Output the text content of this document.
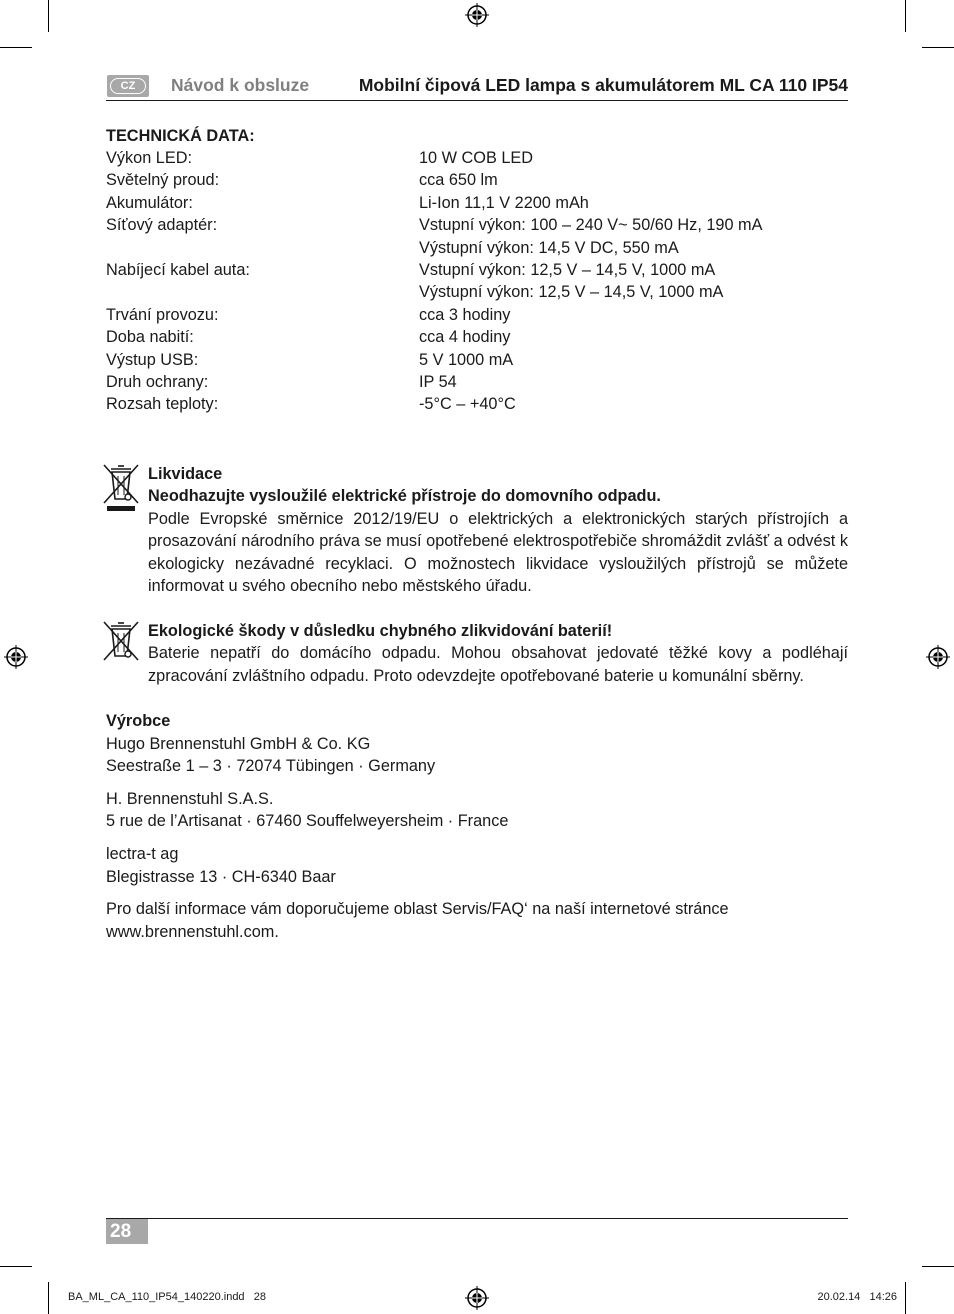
CZ	Návod k obsluze	Mobilní čipová LED lampa s akumulátorem ML CA 110 IP54
TECHNICKÁ DATA:
Výkon LED:	10 W COB LED
Světelný proud:	cca 650 lm
Akumulátor:	Li-Ion 11,1 V 2200 mAh
Síťový adaptér:	Vstupní výkon: 100 – 240 V~ 50/60 Hz, 190 mA
Výstupní výkon: 14,5 V DC, 550 mA
Nabíjecí kabel auta:	Vstupní výkon: 12,5 V – 14,5 V, 1000 mA
Výstupní výkon: 12,5 V – 14,5 V, 1000 mA
Trvání provozu:	cca 3 hodiny
Doba nabití:	cca 4 hodiny
Výstup USB:	5 V 1000 mA
Druh ochrany:	IP 54
Rozsah teploty:	-5°C – +40°C
Likvidace
Neodhazujte vysloužilé elektrické přístroje do domovního odpadu.
Podle Evropské směrnice 2012/19/EU o elektrických a elektronických starých přístrojích a prosazování národního práva se musí opotřebené elektrospotřebiče shromáždit zvlášť a odvést k ekologicky nezávadné recyklaci. O možnostech likvidace vysloužilých přístrojů se můžete informovat u svého obecního nebo městského úřadu.
Ekologické škody v důsledku chybného zlikvidování baterií!
Baterie nepatří do domácího odpadu. Mohou obsahovat jedovaté těžké kovy a podléhají zpracování zvláštního odpadu. Proto odevzdejte opotřebované baterie u komunální sběrny.
Výrobce
Hugo Brennenstuhl GmbH & Co. KG
Seestraße 1 – 3 · 72074 Tübingen · Germany
H. Brennenstuhl S.A.S.
5 rue de l’Artisanat · 67460 Souffelweyersheim · France
lectra-t ag
Blegistrasse 13 · CH-6340 Baar
Pro další informace vám doporučujeme oblast Servis/FAQ‘ na naší internetové stránce
www.brennenstuhl.com.
28
BA_ML_CA_110_IP54_140220.indd   28	20.02.14   14:26
